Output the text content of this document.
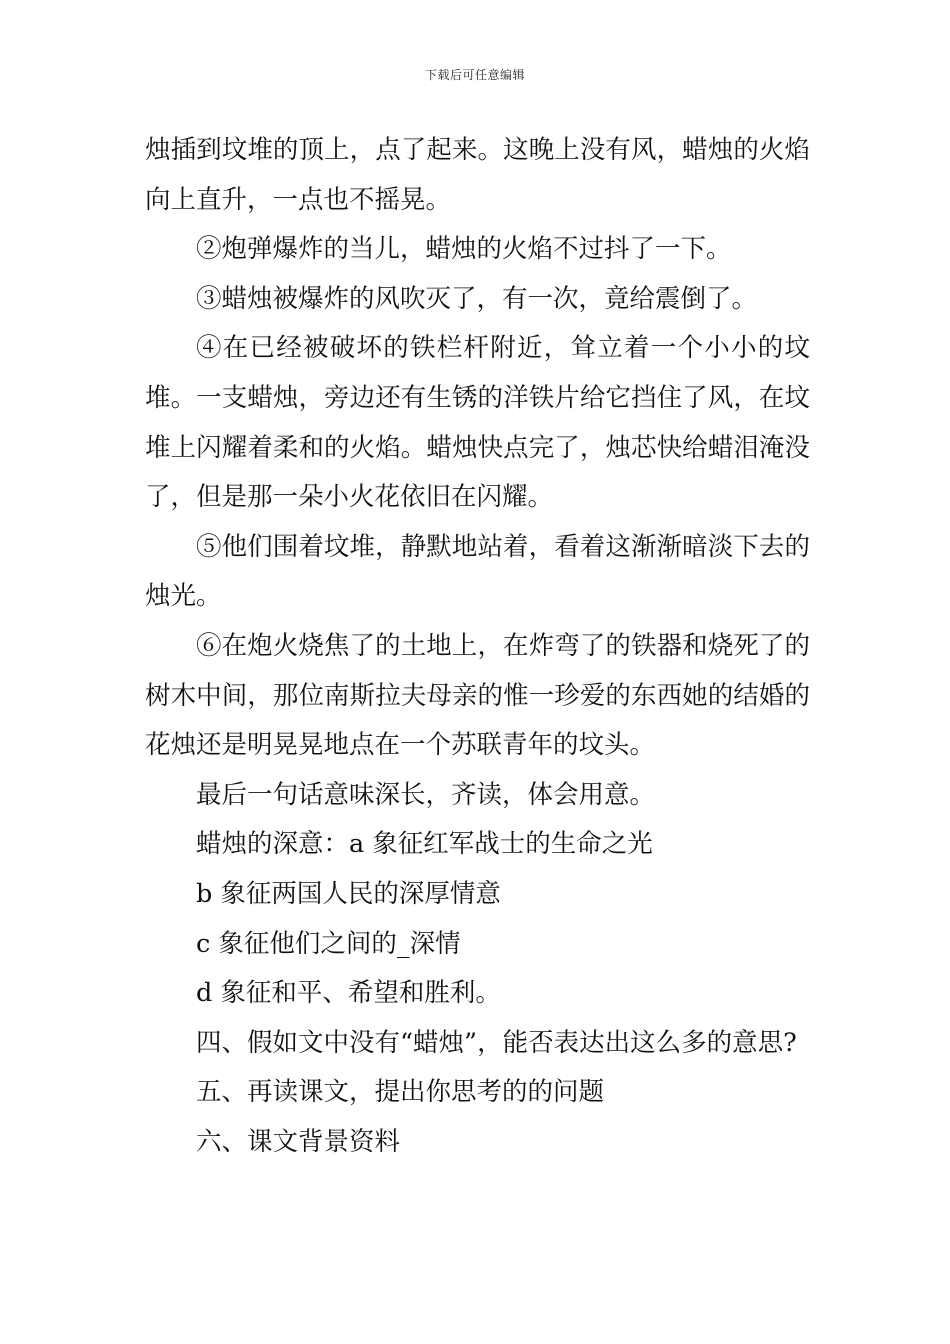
下载后可任意编辑

烛插到坟堆的顶上，点了起来。这晚上没有风，蜡烛的火焰向上直升，一点也不摇晃。

②炮弹爆炸的当儿，蜡烛的火焰不过抖了一下。

③蜡烛被爆炸的风吹灭了，有一次，竟给震倒了。

④在已经被破坏的铁栏杆附近，耸立着一个小小的坟堆。一支蜡烛，旁边还有生锈的洋铁片给它挡住了风，在坟堆上闪耀着柔和的火焰。蜡烛快点完了，烛芯快给蜡泪淹没了，但是那一朵小火花依旧在闪耀。

⑤他们围着坟堆，静默地站着，看着这渐渐暗淡下去的烛光。

⑥在炮火烧焦了的土地上，在炸弯了的铁器和烧死了的树木中间，那位南斯拉夫母亲的惟一珍爱的东西她的结婚的花烛还是明晃晃地点在一个苏联青年的坟头。

最后一句话意味深长，齐读，体会用意。

蜡烛的深意：a 象征红军战士的生命之光

b 象征两国人民的深厚情意

c 象征他们之间的_深情

d 象征和平、希望和胜利。

四、假如文中没有“蜡烛”，能否表达出这么多的意思?

五、再读课文，提出你思考的的问题

六、课文背景资料
